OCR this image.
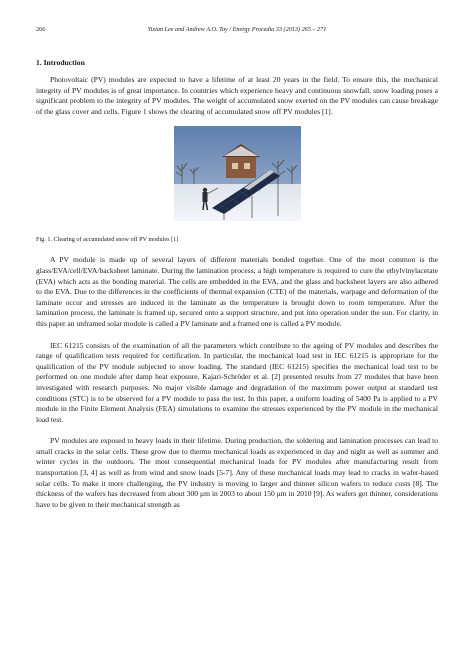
266	Yixian Lee and Andrew A.O. Tay / Energy Procedia 33 (2013) 265 – 271
1. Introduction

Photovoltaic (PV) modules are expected to have a lifetime of at least 20 years in the field. To ensure this, the mechanical integrity of PV modules is of great importance. In countries which experience heavy and continuous snowfall, snow loading poses a significant problem to the integrity of PV modules. The weight of accumulated snow exerted on the PV modules can cause breakage of the glass cover and cells. Figure 1 shows the clearing of accumulated snow off PV modules [1].

Fig. 1. Clearing of accumulated snow off PV modules [1]

A PV module is made up of several layers of different materials bonded together. One of the most common is the glass/EVA/cell/EVA/backsheet laminate. During the lamination process, a high temperature is required to cure the ethylvinylacetate (EVA) which acts as the bonding material. The cells are embedded in the EVA, and the glass and backsheet layers are also adhered to the EVA. Due to the differences in the coefficients of thermal expansion (CTE) of the materials, warpage and deformation of the laminate occur and stresses are induced in the laminate as the temperature is brought down to room temperature. After the lamination process, the laminate is framed up, secured onto a support structure, and put into operation under the sun. For clarity, in this paper an unframed solar module is called a PV laminate and a framed one is called a PV module.

IEC 61215 consists of the examination of all the parameters which contribute to the ageing of PV modules and describes the range of qualification tests required for certification. In particular, the mechanical load test in IEC 61215 is appropriate for the qualification of the PV module subjected to snow loading. The standard (IEC 61215) specifies the mechanical load test to be performed on one module after damp heat exposure. Kajari-Schröder et al. [2] presented results from 27 modules that have been investigated with research purposes. No major visible damage and degradation of the maximum power output at standard test conditions (STC) is to be observed for a PV module to pass the test. In this paper, a uniform loading of 5400 Pa is applied to a PV module in the Finite Element Analysis (FEA) simulations to examine the stresses experienced by the PV module in the mechanical load test.

PV modules are exposed to heavy loads in their lifetime. During production, the soldering and lamination processes can lead to small cracks in the solar cells. These grow due to thermo mechanical loads as experienced in day and night as well as summer and winter cycles in the outdoors. The most consequential mechanical loads for PV modules after manufacturing result from transportation [3, 4] as well as from wind and snow loads [5-7]. Any of these mechanical loads may lead to cracks in wafer-based solar cells. To make it more challenging, the PV industry is moving to larger and thinner silicon wafers to reduce costs [8]. The thickness of the wafers has decreased from about 300 μm in 2003 to about 150 μm in 2010 [9]. As wafers get thinner, considerations have to be given to their mechanical strength as
